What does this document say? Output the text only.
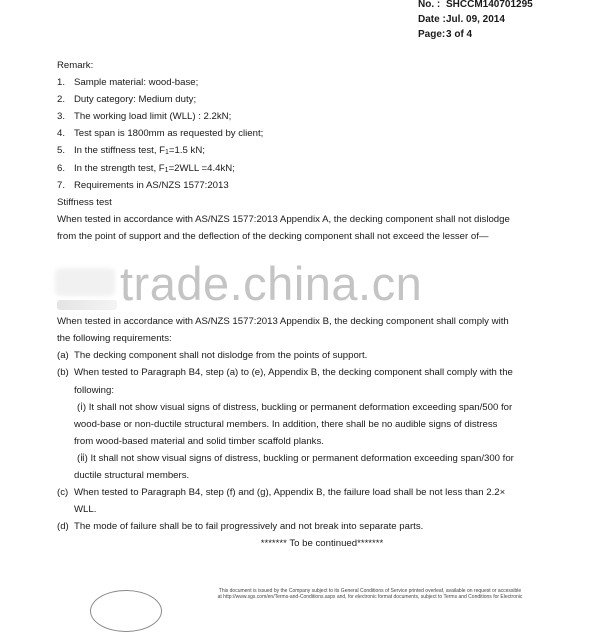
No. : SHCCM140701295
Date : Jul. 09, 2014
Page: 3 of 4
Remark:
1. Sample material: wood-base;
2. Duty category: Medium duty;
3. The working load limit (WLL) : 2.2kN;
4. Test span is 1800mm as requested by client;
5. In the stiffness test, F1=1.5 kN;
6. In the strength test, F1=2WLL =4.4kN;
7. Requirements in AS/NZS 1577:2013
Stiffness test
When tested in accordance with AS/NZS 1577:2013 Appendix A, the decking component shall not dislodge
from the point of support and the deflection of the decking component shall not exceed the lesser of—
When tested in accordance with AS/NZS 1577:2013 Appendix B, the decking component shall comply with
the following requirements:
(a) The decking component shall not dislodge from the points of support.
(b) When tested to Paragraph B4, step (a) to (e), Appendix B, the decking component shall comply with the
following:
(ⅰ) It shall not show visual signs of distress, buckling or permanent deformation exceeding span/500 for
wood-base or non-ductile structural members. In addition, there shall be no audible signs of distress
from wood-based material and solid timber scaffold planks.
(ⅱ) It shall not show visual signs of distress, buckling or permanent deformation exceeding span/300 for
ductile structural members.
(c) When tested to Paragraph B4, step (f) and (g), Appendix B, the failure load shall be not less than 2.2×
WLL.
(d) The mode of failure shall be to fail progressively and not break into separate parts.
******* To be continued*******
trade.china.cn
This document is issued by the Company subject to its General Conditions of Service printed overleaf, available on request or accessible
at http://www.sgs.com/en/Terms-and-Conditions.aspx and, for electronic format documents, subject to Terms and Conditions for Electronic
